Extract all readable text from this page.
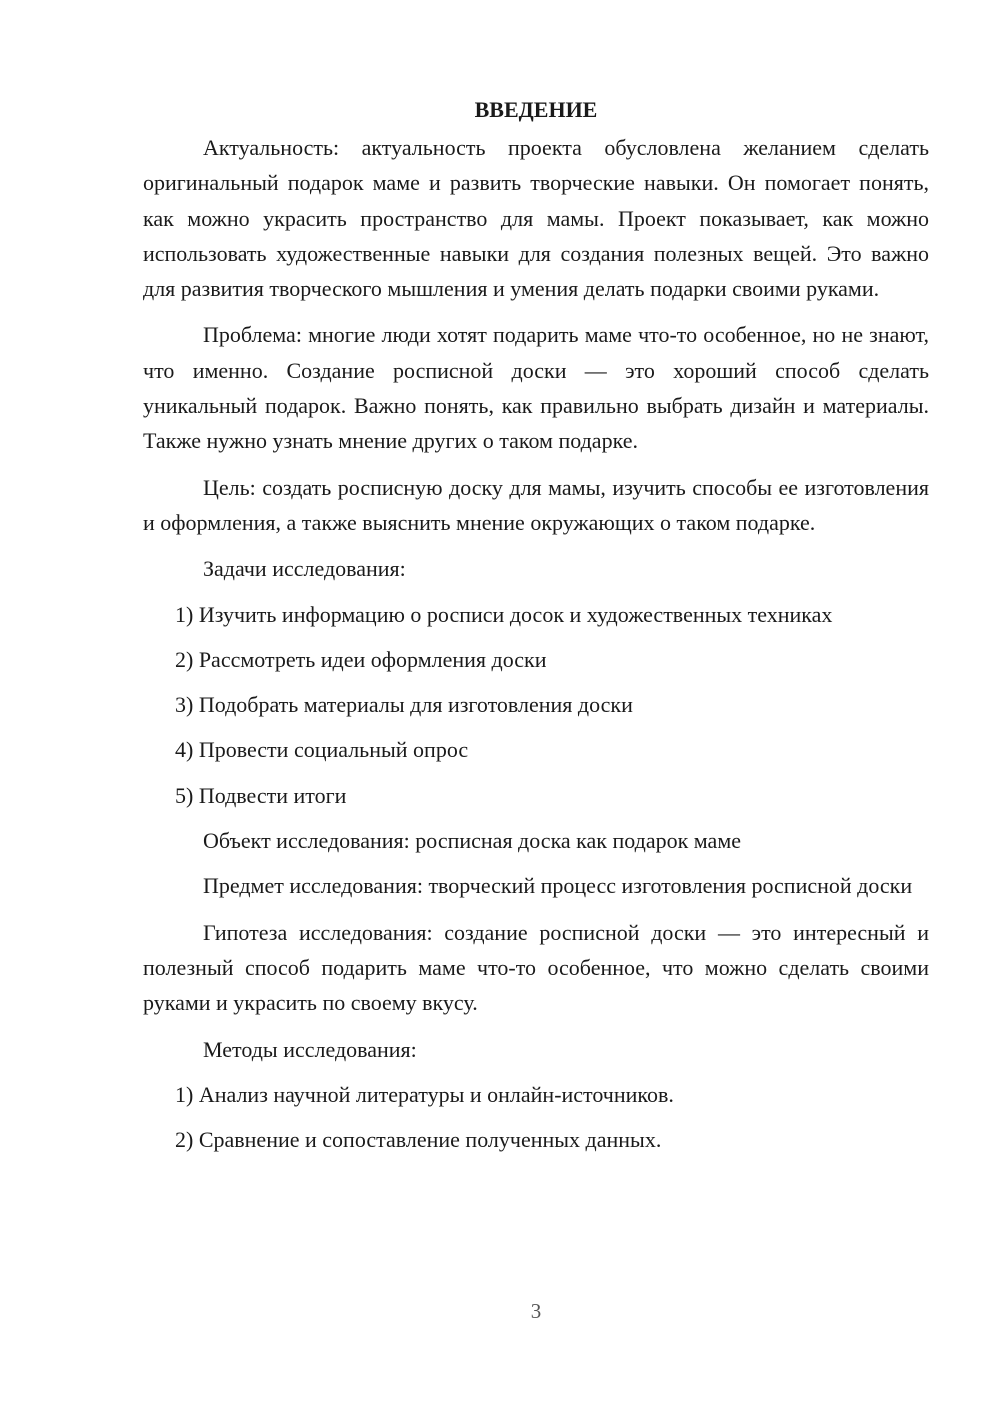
ВВЕДЕНИЕ

Актуальность: актуальность проекта обусловлена желанием сделать оригинальный подарок маме и развить творческие навыки. Он помогает понять, как можно украсить пространство для мамы. Проект показывает, как можно использовать художественные навыки для создания полезных вещей. Это важно для развития творческого мышления и умения делать подарки своими руками.

Проблема: многие люди хотят подарить маме что-то особенное, но не знают, что именно. Создание росписной доски — это хороший способ сделать уникальный подарок. Важно понять, как правильно выбрать дизайн и материалы. Также нужно узнать мнение других о таком подарке.

Цель: создать росписную доску для мамы, изучить способы ее изготовления и оформления, а также выяснить мнение окружающих о таком подарке.

Задачи исследования:

1) Изучить информацию о росписи досок и художественных техниках
2) Рассмотреть идеи оформления доски
3) Подобрать материалы для изготовления доски
4) Провести социальный опрос
5) Подвести итоги

Объект исследования: росписная доска как подарок маме

Предмет исследования: творческий процесс изготовления росписной доски

Гипотеза исследования: создание росписной доски — это интересный и полезный способ подарить маме что-то особенное, что можно сделать своими руками и украсить по своему вкусу.

Методы исследования:

1) Анализ научной литературы и онлайн-источников.
2) Сравнение и сопоставление полученных данных.
3
